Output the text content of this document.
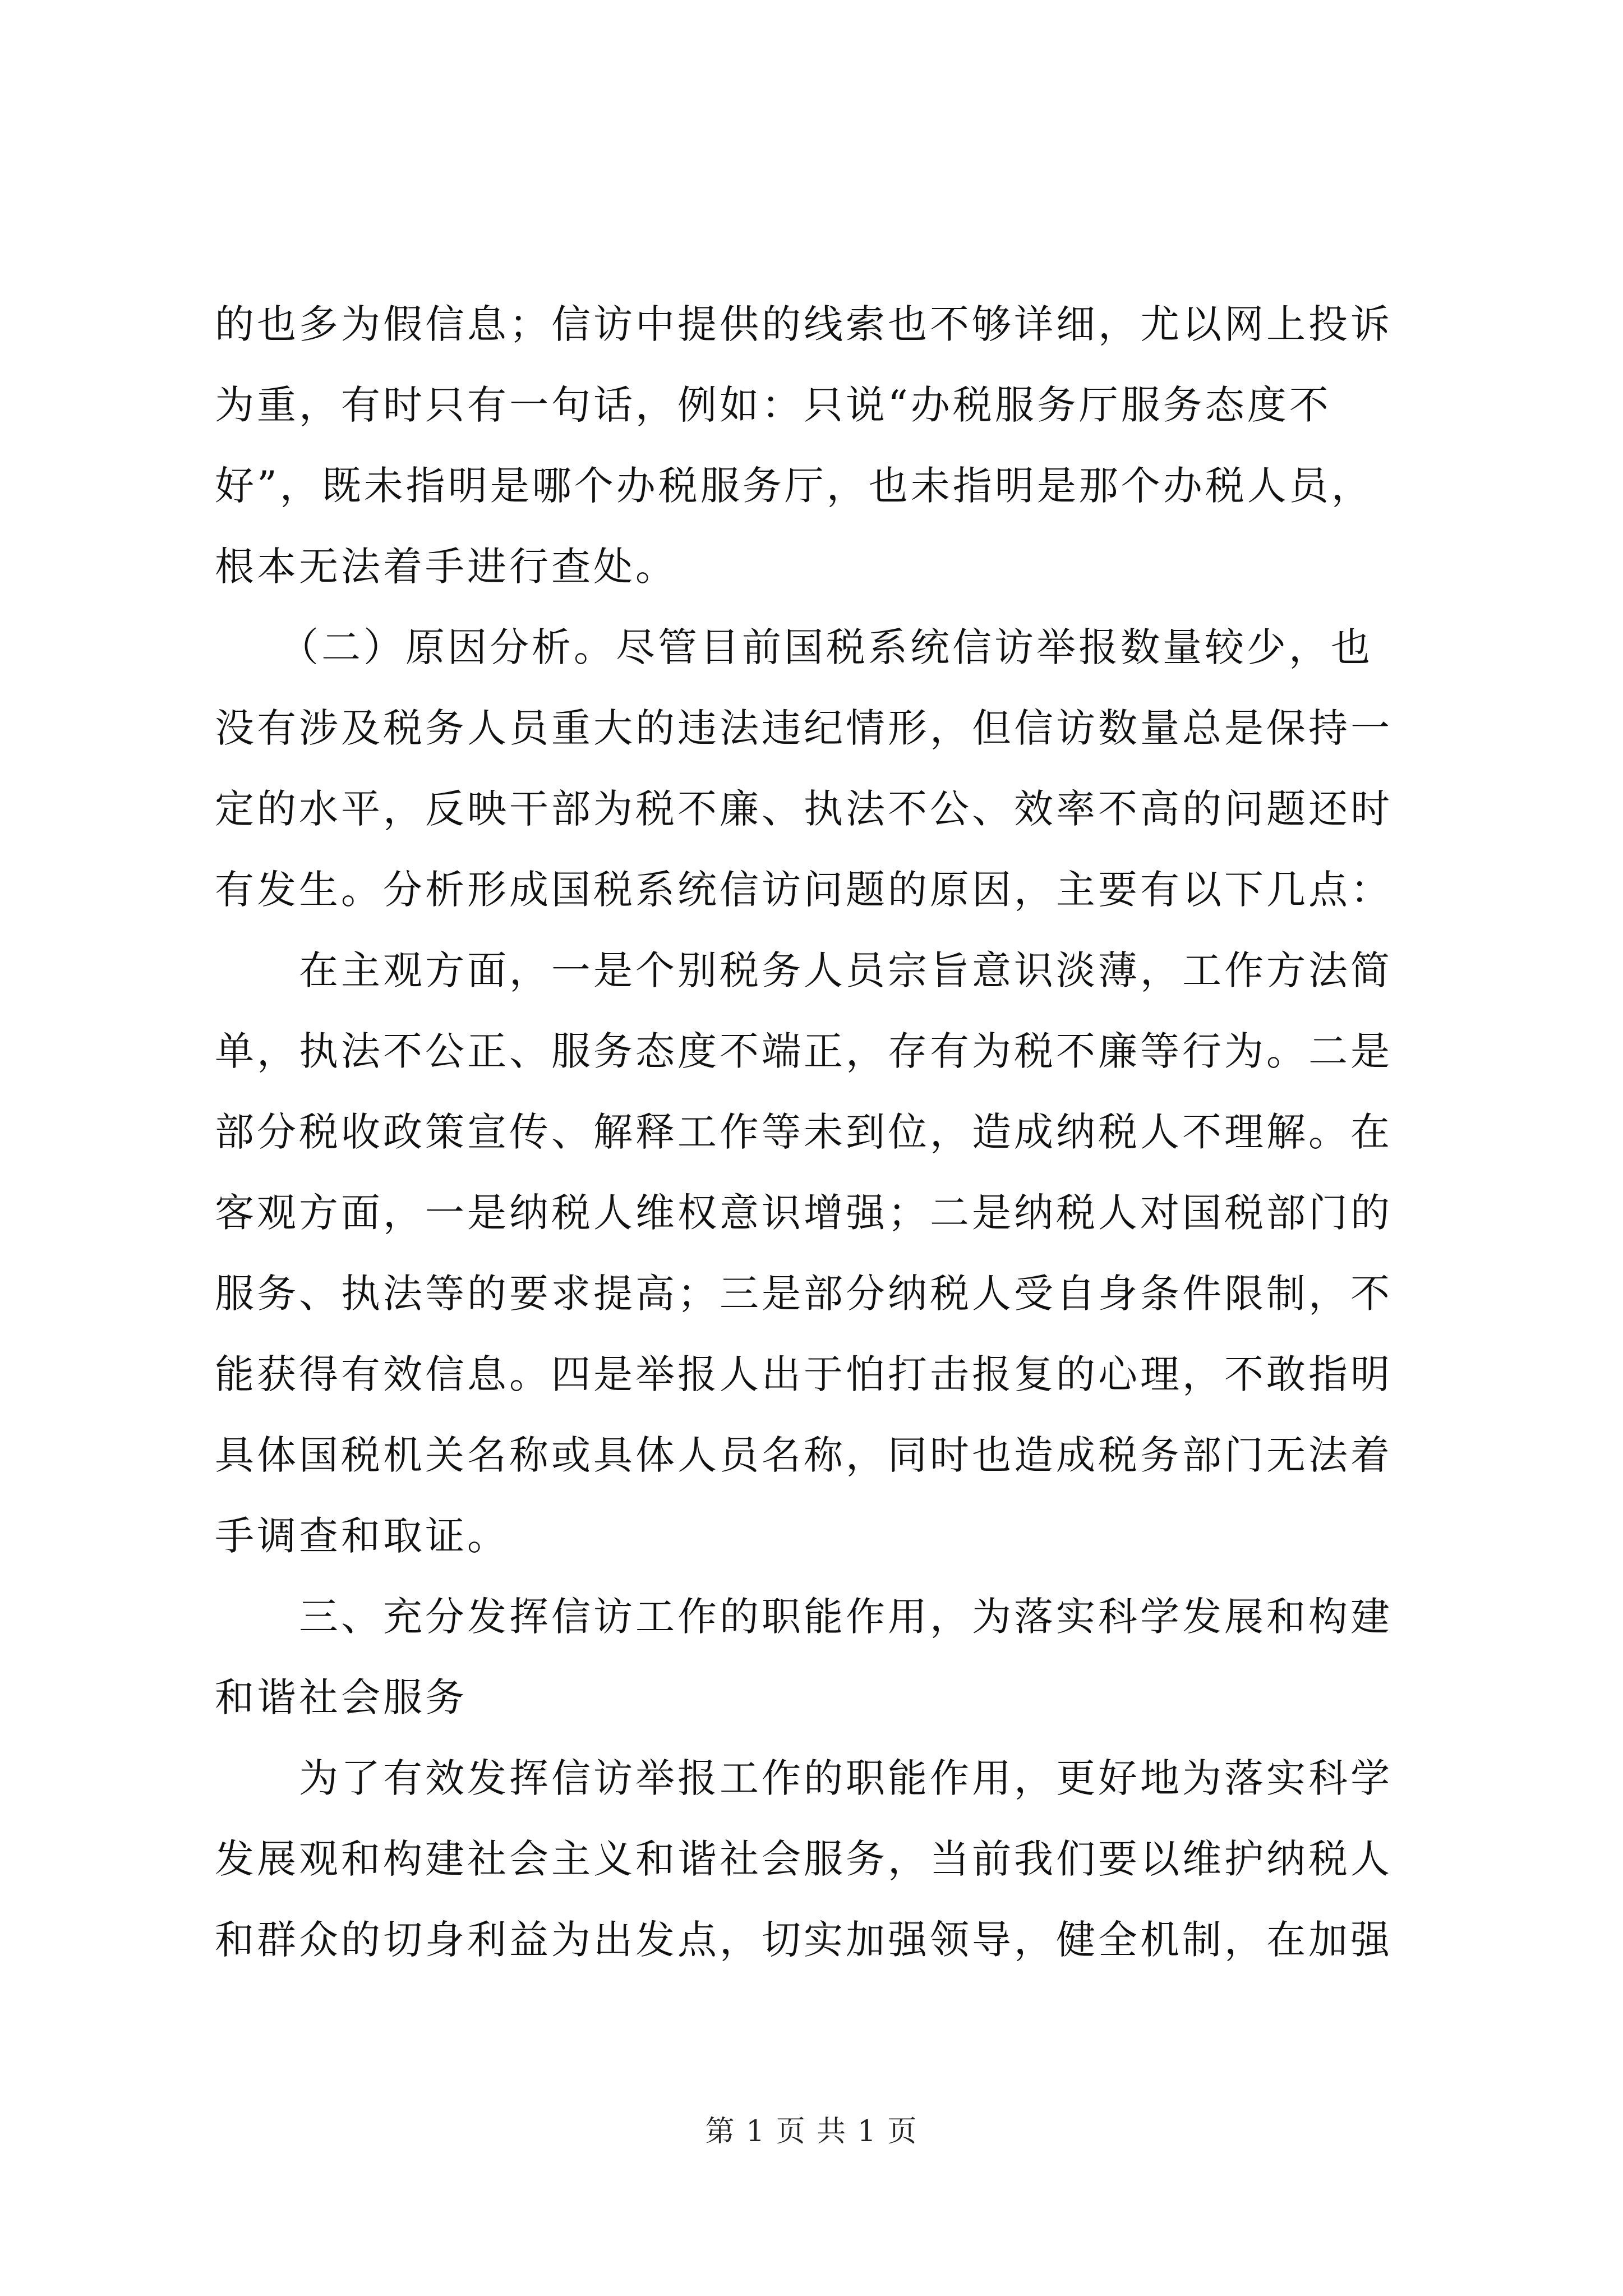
的也多为假信息；信访中提供的线索也不够详细，尤以网上投诉
为重，有时只有一句话，例如：只说“办税服务厅服务态度不
好”，既未指明是哪个办税服务厅，也未指明是那个办税人员，
根本无法着手进行查处。
　　（二）原因分析。尽管目前国税系统信访举报数量较少，也
没有涉及税务人员重大的违法违纪情形，但信访数量总是保持一
定的水平，反映干部为税不廉、执法不公、效率不高的问题还时
有发生。分析形成国税系统信访问题的原因，主要有以下几点：
　　在主观方面，一是个别税务人员宗旨意识淡薄，工作方法简
单，执法不公正、服务态度不端正，存有为税不廉等行为。二是
部分税收政策宣传、解释工作等未到位，造成纳税人不理解。在
客观方面，一是纳税人维权意识增强；二是纳税人对国税部门的
服务、执法等的要求提高；三是部分纳税人受自身条件限制，不
能获得有效信息。四是举报人出于怕打击报复的心理，不敢指明
具体国税机关名称或具体人员名称，同时也造成税务部门无法着
手调查和取证。
　　三、充分发挥信访工作的职能作用，为落实科学发展和构建
和谐社会服务
　　为了有效发挥信访举报工作的职能作用，更好地为落实科学
发展观和构建社会主义和谐社会服务，当前我们要以维护纳税人
和群众的切身利益为出发点，切实加强领导，健全机制，在加强
第 1 页 共 1 页
